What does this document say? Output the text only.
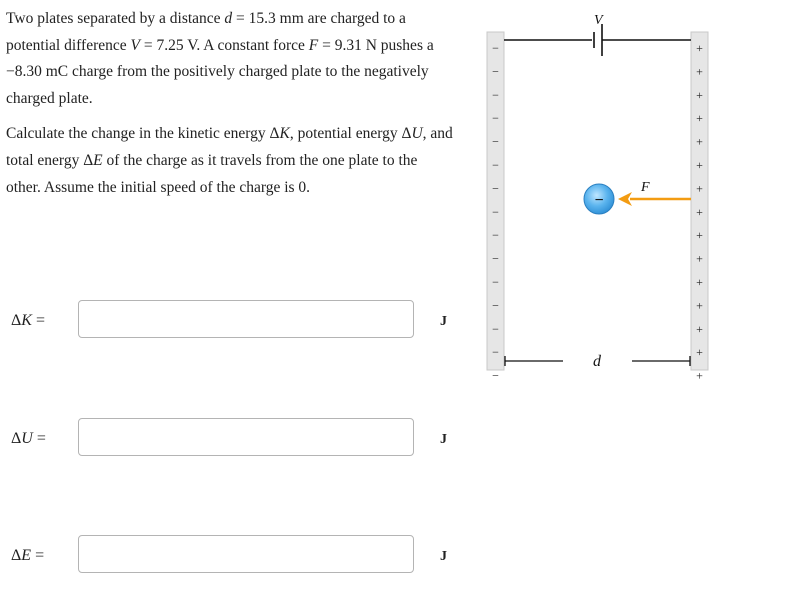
Two plates separated by a distance d = 15.3 mm are charged to a potential difference V = 7.25 V. A constant force F = 9.31 N pushes a −8.30 mC charge from the positively charged plate to the negatively charged plate.

Calculate the change in the kinetic energy ΔK, potential energy ΔU, and total energy ΔE of the charge as it travels from the one plate to the other. Assume the initial speed of the charge is 0.

ΔK =	J
ΔU =	J
ΔE =	J
−
−
−
−
−
−
−
−
−
−
−
−
−
−
−
+
+
+
+
+
+
+
+
+
+
+
+
+
+
+
V
F
−
d
